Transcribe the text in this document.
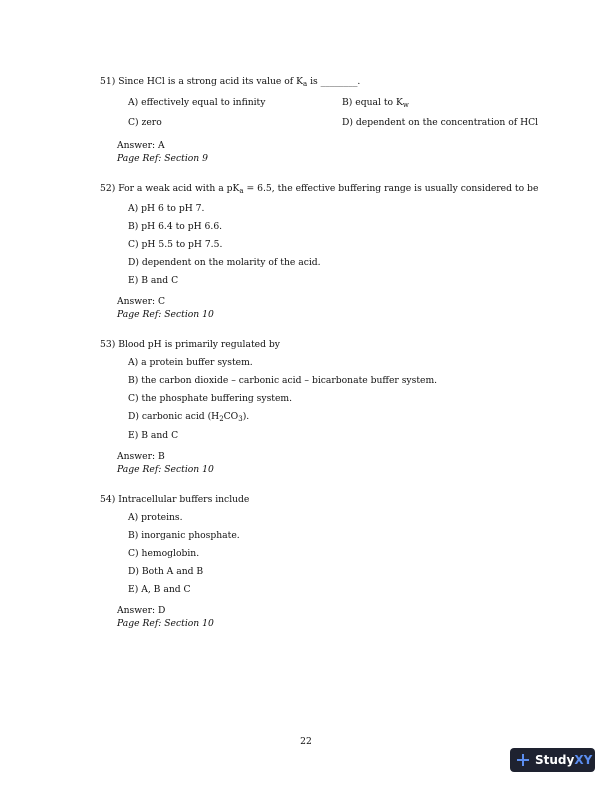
51) Since HCl is a strong acid its value of $K_a$ is ________.
A) effectively equal to infinity	B) equal to $K_w$
C) zero	D) dependent on the concentration of HCl
Answer: A
Page Ref: Section 9
52) For a weak acid with a $pK_a = 6.5$, the effective buffering range is usually considered to be
A) pH 6 to pH 7.
B) pH 6.4 to pH 6.6.
C) pH 5.5 to pH 7.5.
D) dependent on the molarity of the acid.
E) B and C
Answer: C
Page Ref: Section 10
53) Blood pH is primarily regulated by
A) a protein buffer system.
B) the carbon dioxide – carbonic acid – bicarbonate buffer system.
C) the phosphate buffering system.
D) carbonic acid $(H_2CO_3)$.
E) B and C
Answer: B
Page Ref: Section 10
54) Intracellular buffers include
A) proteins.
B) inorganic phosphate.
C) hemoglobin.
D) Both A and B
E) A, B and C
Answer: D
Page Ref: Section 10
22
Study XY
